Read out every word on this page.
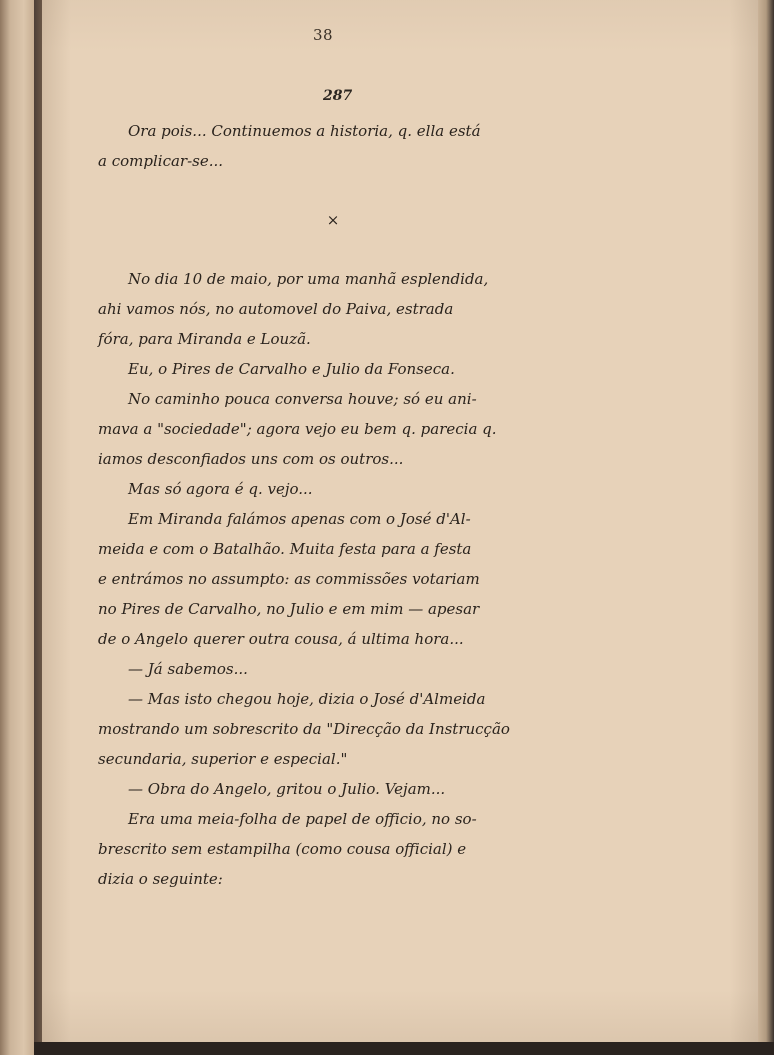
38
287
Ora pois... Continuemos a historia, q. ella está
a complicar-se...
×
No dia 10 de maio, por uma manhã esplendida,
ahi vamos nós, no automovel do Paiva, estrada
fóra, para Miranda e Louzã.
Eu, o Pires de Carvalho e Julio da Fonseca.
No caminho pouca conversa houve; só eu ani-
mava a "sociedade"; agora vejo eu bem q. parecia q.
iamos desconfiados uns com os outros...
Mas só agora é q. vejo...
Em Miranda falámos apenas com o José d'Al-
meida e com o Batalhão. Muita festa para a festa
e entrámos no assumpto: as commissões votariam
no Pires de Carvalho, no Julio e em mim — apesar
de o Angelo querer outra cousa, á ultima hora...
— Já sabemos...
— Mas isto chegou hoje, dizia o José d'Almeida
mostrando um sobrescrito da "Direcção da Instrucção
secundaria, superior e especial."
— Obra do Angelo, gritou o Julio. Vejam...
Era uma meia-folha de papel de officio, no so-
brescrito sem estampilha (como cousa official) e
dizia o seguinte:
